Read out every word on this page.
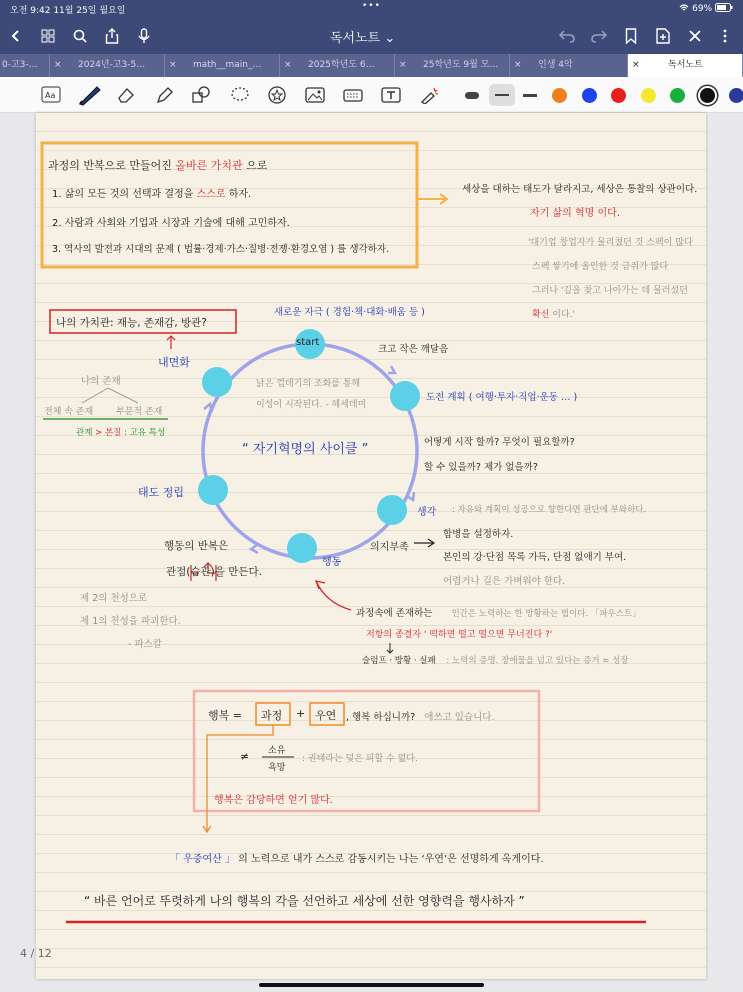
오전 9:42 11월 25일 월요일	•••	69%
독서노트 ⌄
0-고3-… × 2024년-고3-5…	× math__main_… × 2025학년도 6…	× 25학년도 9월 모… × 인생 4악	×	독서노트
Aa
과정의 반복으로 만들어진 올바른 가치관 으로
1. 삶의 모든 것의 선택과 결정을 스스로 하자.
2. 사람과 사회와 기업과 시장과 기술에 대해 고민하자.
3. 역사의 발전과 시대의 문제 ( 법률·경제·가스·질병·전쟁·환경오염 ) 를 생각하자.
세상을 대하는 태도가 달라지고, 세상은 통찰의 상관이다.
자기 삶의 혁명 이다.
'대기업 창업자가 물리쳤던 것 스펙이 많다
스펙 쌓기에 올인한 것 금쥐가 많다
그러나 '길을 찾고 나아가는 데 물러섰던
확신 이다.'
나의 가치관: 재능, 존재감, 방관?
내면화
나의 존재
전체 속 존재	부분적 존재
관계 > 본질 : 고유 특성
새로운 자극 ( 경험·책·대화·배움 등 )
start
크고 작은 깨달음
도전 계획 ( 여행·투자·직업·운동 … )
낡은 껍데기의 조화를 통해
이성이 시작된다. - 헤세데미
“ 자기혁명의 사이클 ”	어떻게 시작 할까? 무엇이 필요할까?
할 수 있을까? 제가 없을까?
태도 정립
생각 : 자유와 계획이 성공으로 향한다면 판단에 부와하다.
의지부족
합병을 설정하자.
본인의 강·단점 목록 가득, 단점 없애기 부여.
어렵거나 길은 가벼워야 한다.
행동
행동의 반복은
관점(습관)을 만든다.
제 2의 천성으로
제 1의 천성을 파괴한다.
- 파스칼
과정속에 존재하는 인간은 노력하는 한 방황하는 법이다. 「파우스트」
저항의 종결자 ' 떡하면 떨고 떨으면 무너진다 ?'
슬럼프 · 방황 · 실패 : 노력의 증명. 장애물을 넘고 있다는 증거 = 성장
행복 = 과정 + 우연 , 행복 하십니까? 애쓰고 있습니다.
≠ 소유
욕망
: 권태라는 덫은 피할 수 없다.
행복은 감당하면 얻기 많다.
「 우중여산 」 의 노력으로 내가 스스로 감동시키는 나는 ‘우연’은 선명하게 옥게이다.
“ 바른 언어로 뚜렷하게 나의 행복의 각을 선언하고 세상에 선한 영향력을 행사하자 ”
4 / 12
